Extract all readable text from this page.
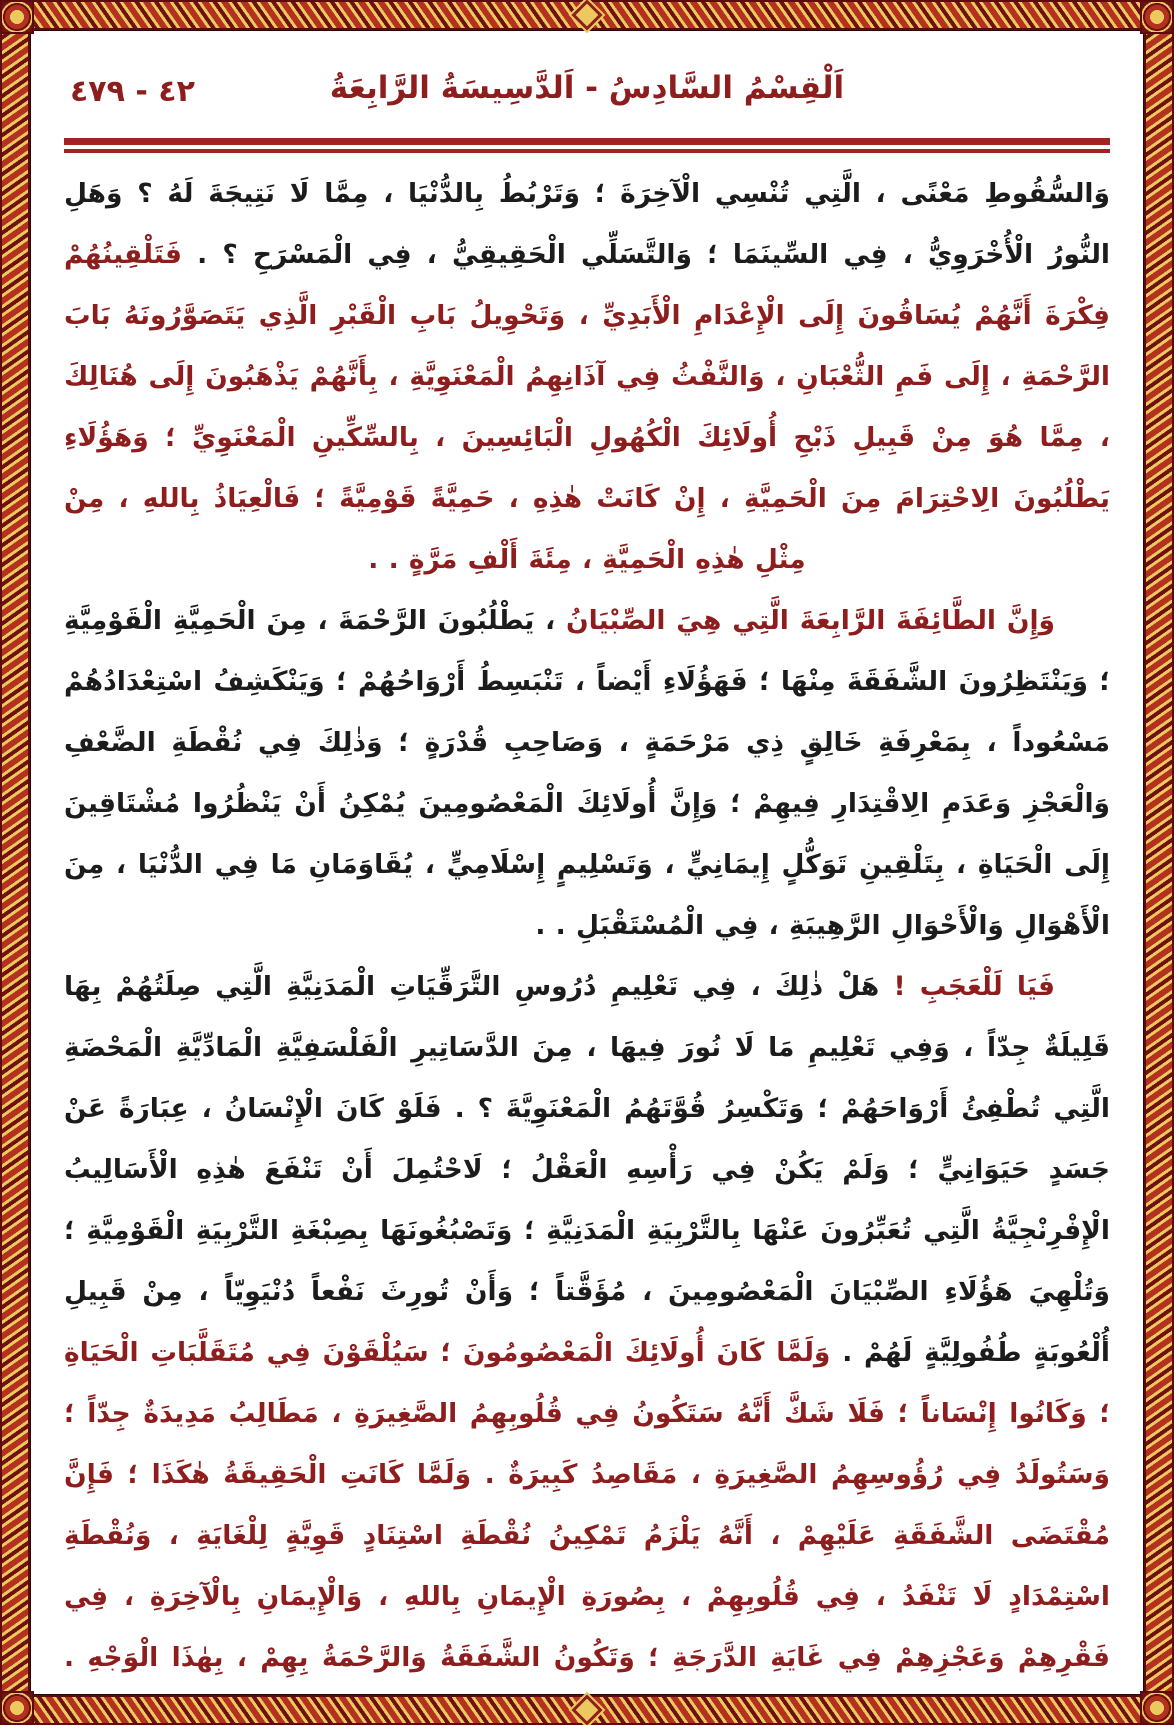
٤٢ - ٤٧٩	اَلْقِسْمُ السَّادِسُ - اَلدَّسِيسَةُ الرَّابِعَةُ

وَالسُّقُوطِ مَعْنًى ، الَّتِي تُنْسِي الْآخِرَةَ ؛ وَتَرْبُطُ بِالدُّنْيَا ، مِمَّا لَا نَتِيجَةَ لَهُ ؟ وَهَلِ النُّورُ الْأُخْرَوِيُّ ، فِي السِّينَمَا ؛ وَالتَّسَلِّي الْحَقِيقِيُّ ، فِي الْمَسْرَحِ ؟ . فَتَلْقِينُهُمْ فِكْرَةَ أَنَّهُمْ يُسَاقُونَ إِلَى الْإِعْدَامِ الْأَبَدِيِّ ، وَتَحْوِيلُ بَابِ الْقَبْرِ الَّذِي يَتَصَوَّرُونَهُ بَابَ الرَّحْمَةِ ، إِلَى فَمِ الثُّعْبَانِ ، وَالنَّفْثُ فِي آذَانِهِمُ الْمَعْنَوِيَّةِ ، بِأَنَّهُمْ يَذْهَبُونَ إِلَى هُنَالِكَ ، مِمَّا هُوَ مِنْ قَبِيلِ ذَبْحِ أُولَائِكَ الْكُهُولِ الْبَائِسِينَ ، بِالسِّكِّينِ الْمَعْنَوِيِّ ؛ وَهَؤُلَاءِ يَطْلُبُونَ الِاحْتِرَامَ مِنَ الْحَمِيَّةِ ، إِنْ كَانَتْ هٰذِهِ ، حَمِيَّةً قَوْمِيَّةً ؛ فَالْعِيَاذُ بِاللهِ ، مِنْ مِثْلِ هٰذِهِ الْحَمِيَّةِ ، مِئَةَ أَلْفِ مَرَّةٍ . .

وَإِنَّ الطَّائِفَةَ الرَّابِعَةَ الَّتِي هِيَ الصِّبْيَانُ ، يَطْلُبُونَ الرَّحْمَةَ ، مِنَ الْحَمِيَّةِ الْقَوْمِيَّةِ ؛ وَيَنْتَظِرُونَ الشَّفَقَةَ مِنْهَا ؛ فَهَؤُلَاءِ أَيْضاً ، تَنْبَسِطُ أَرْوَاحُهُمْ ؛ وَيَنْكَشِفُ اسْتِعْدَادُهُمْ مَسْعُوداً ، بِمَعْرِفَةِ خَالِقٍ ذِي مَرْحَمَةٍ ، وَصَاحِبِ قُدْرَةٍ ؛ وَذٰلِكَ فِي نُقْطَةِ الضَّعْفِ وَالْعَجْزِ وَعَدَمِ الِاقْتِدَارِ فِيهِمْ ؛ وَإِنَّ أُولَائِكَ الْمَعْصُومِينَ يُمْكِنُ أَنْ يَنْظُرُوا مُشْتَاقِينَ إِلَى الْحَيَاةِ ، بِتَلْقِينِ تَوَكُّلٍ إِيمَانِيٍّ ، وَتَسْلِيمٍ إِسْلَامِيٍّ ، يُقَاوَمَانِ مَا فِي الدُّنْيَا ، مِنَ الْأَهْوَالِ وَالْأَحْوَالِ الرَّهِيبَةِ ، فِي الْمُسْتَقْبَلِ . .

فَيَا لَلْعَجَبِ ! هَلْ ذٰلِكَ ، فِي تَعْلِيمِ دُرُوسِ التَّرَقِّيَاتِ الْمَدَنِيَّةِ الَّتِي صِلَتُهُمْ بِهَا قَلِيلَةٌ جِدّاً ، وَفِي تَعْلِيمِ مَا لَا نُورَ فِيهَا ، مِنَ الدَّسَاتِيرِ الْفَلْسَفِيَّةِ الْمَادِّيَّةِ الْمَحْضَةِ الَّتِي تُطْفِئُ أَرْوَاحَهُمْ ؛ وَتَكْسِرُ قُوَّتَهُمُ الْمَعْنَوِيَّةَ ؟ . فَلَوْ كَانَ الْإِنْسَانُ ، عِبَارَةً عَنْ جَسَدٍ حَيَوَانِيٍّ ؛ وَلَمْ يَكُنْ فِي رَأْسِهِ الْعَقْلُ ؛ لَاحْتُمِلَ أَنْ تَنْفَعَ هٰذِهِ الْأَسَالِيبُ الْإِفْرِنْجِيَّةُ الَّتِي تُعَبِّرُونَ عَنْهَا بِالتَّرْبِيَةِ الْمَدَنِيَّةِ ؛ وَتَصْبُغُونَهَا بِصِبْغَةِ التَّرْبِيَةِ الْقَوْمِيَّةِ ؛ وَتُلْهِيَ هَؤُلَاءِ الصِّبْيَانَ الْمَعْصُومِينَ ، مُؤَقَّتاً ؛ وَأَنْ تُورِثَ نَفْعاً دُنْيَوِيّاً ، مِنْ قَبِيلِ أُلْعُوبَةٍ طُفُولِيَّةٍ لَهُمْ . وَلَمَّا كَانَ أُولَائِكَ الْمَعْصُومُونَ ؛ سَيُلْقَوْنَ فِي مُتَقَلَّبَاتِ الْحَيَاةِ ؛ وَكَانُوا إِنْسَاناً ؛ فَلَا شَكَّ أَنَّهُ سَتَكُونُ فِي قُلُوبِهِمُ الصَّغِيرَةِ ، مَطَالِبُ مَدِيدَةٌ جِدّاً ؛ وَسَتُولَدُ فِي رُؤُوسِهِمُ الصَّغِيرَةِ ، مَقَاصِدُ كَبِيرَةٌ . وَلَمَّا كَانَتِ الْحَقِيقَةُ هٰكَذَا ؛ فَإِنَّ مُقْتَضَى الشَّفَقَةِ عَلَيْهِمْ ، أَنَّهُ يَلْزَمُ تَمْكِينُ نُقْطَةِ اسْتِنَادٍ قَوِيَّةٍ لِلْغَايَةِ ، وَنُقْطَةِ اسْتِمْدَادٍ لَا تَنْفَدُ ، فِي قُلُوبِهِمْ ، بِصُورَةِ الْإِيمَانِ بِاللهِ ، وَالْإِيمَانِ بِالْآخِرَةِ ، فِي فَقْرِهِمْ وَعَجْزِهِمْ فِي غَايَةِ الدَّرَجَةِ ؛ وَتَكُونُ الشَّفَقَةُ وَالرَّحْمَةُ بِهِمْ ، بِهٰذَا الْوَجْهِ .
